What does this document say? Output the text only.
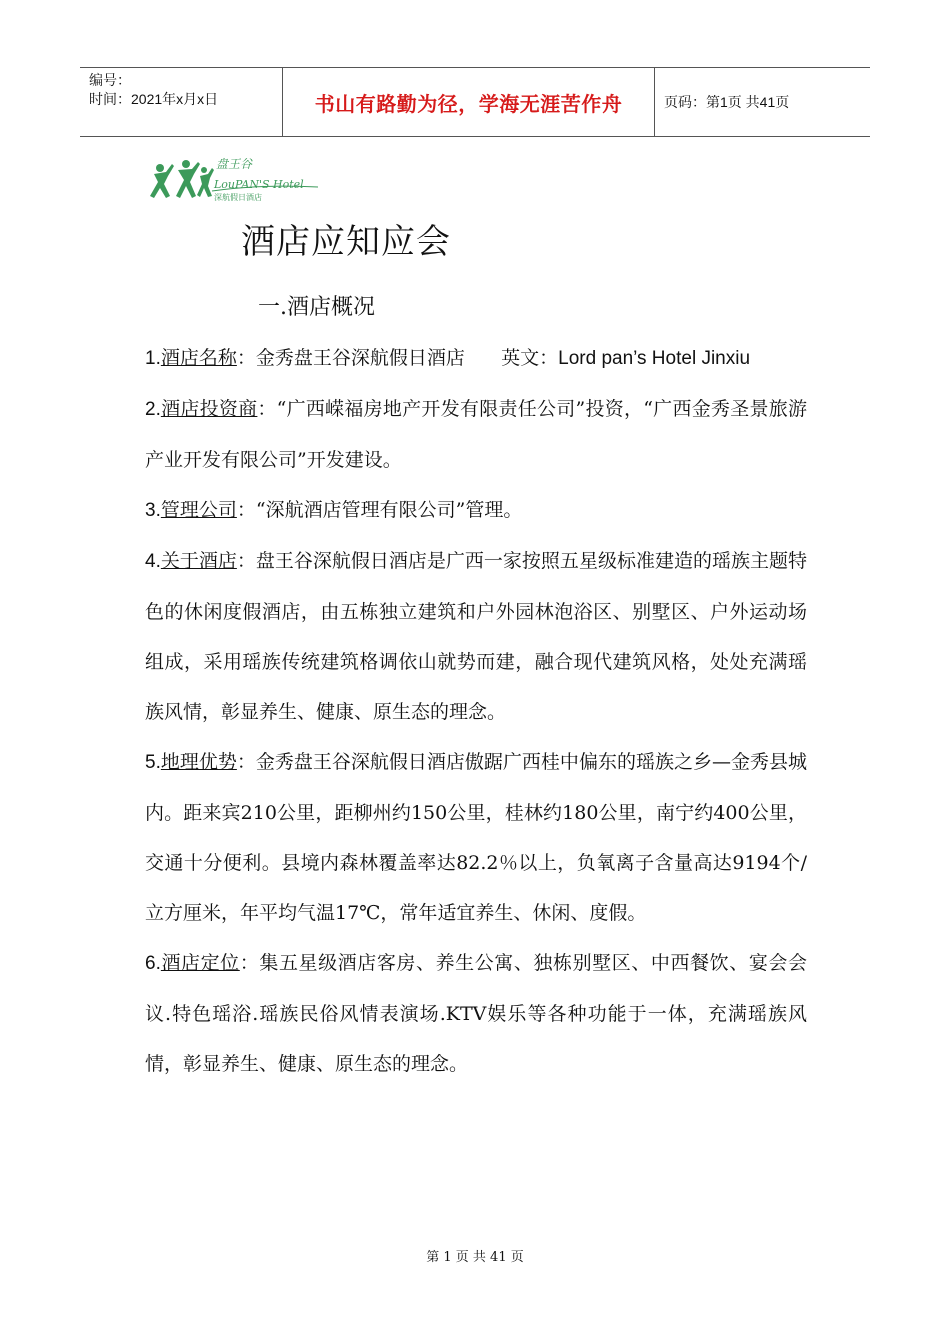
编号：
时间：2021年x月x日	书山有路勤为径，学海无涯苦作舟	页码：第1页 共41页
盘王谷
LouPAN'S Hotel
深航假日酒店
酒店应知应会
一.酒店概况

1.酒店名称：金秀盘王谷深航假日酒店      英文：Lord pan’s Hotel Jinxiu

2.酒店投资商：“广西嵘福房地产开发有限责任公司”投资，“广西金秀圣景旅游产业开发有限公司”开发建设。

3.管理公司：“深航酒店管理有限公司”管理。

4.关于酒店：盘王谷深航假日酒店是广西一家按照五星级标准建造的瑶族主题特色的休闲度假酒店，由五栋独立建筑和户外园林泡浴区、别墅区、户外运动场组成，采用瑶族传统建筑格调依山就势而建，融合现代建筑风格，处处充满瑶族风情，彰显养生、健康、原生态的理念。

5.地理优势：金秀盘王谷深航假日酒店傲踞广西桂中偏东的瑶族之乡—金秀县城内。距来宾210公里，距柳州约150公里，桂林约180公里，南宁约400公里，交通十分便利。县境内森林覆盖率达82.2％以上，负氧离子含量高达9194个/立方厘米，年平均气温17℃，常年适宜养生、休闲、度假。

6.酒店定位：集五星级酒店客房、养生公寓、独栋别墅区、中西餐饮、宴会会议.特色瑶浴.瑶族民俗风情表演场.KTV娱乐等各种功能于一体，充满瑶族风情，彰显养生、健康、原生态的理念。

第 1 页 共 41 页
